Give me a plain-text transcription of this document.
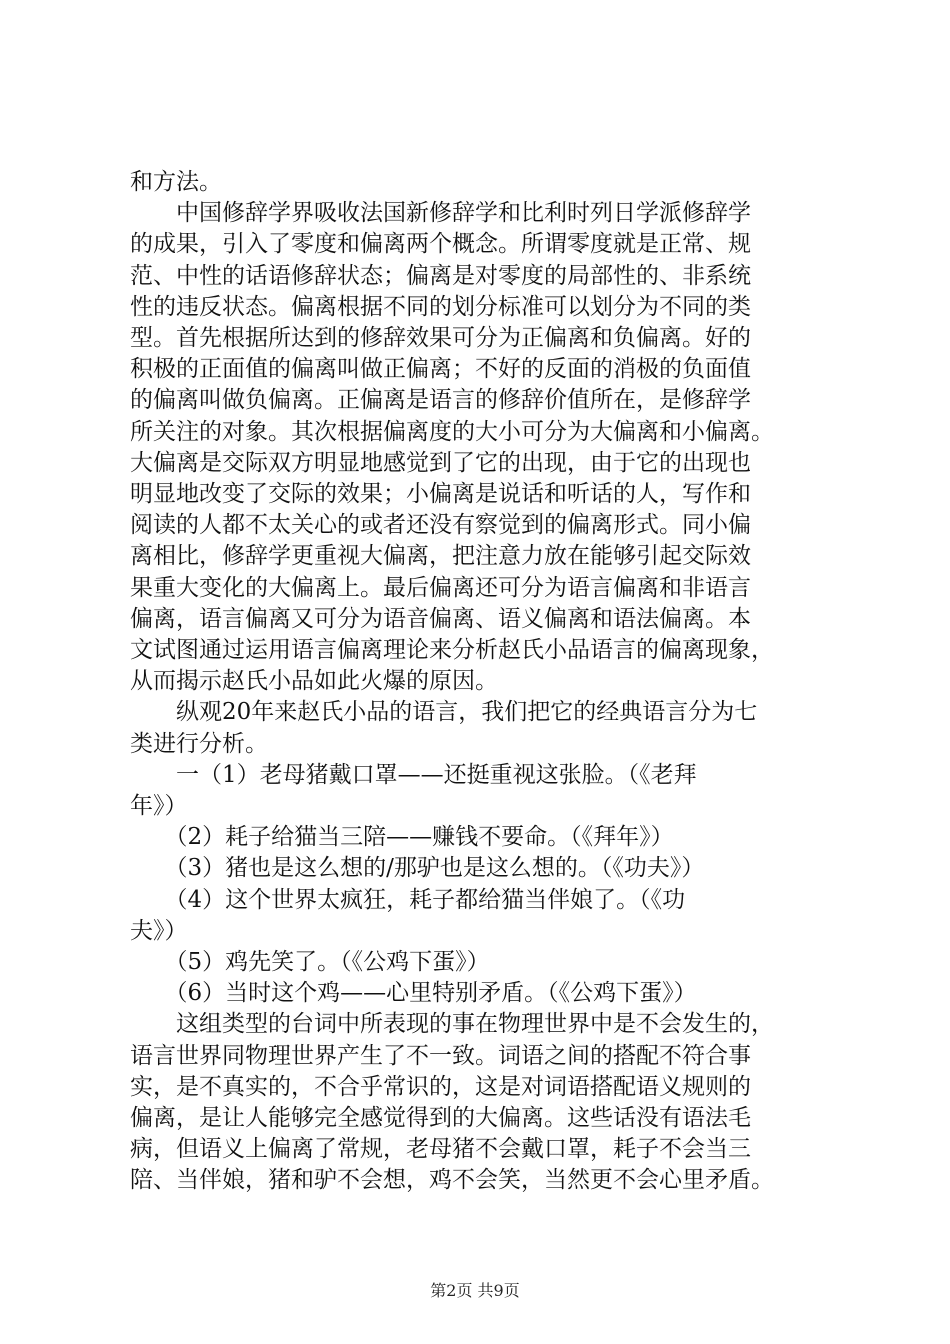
和方法。
　　中国修辞学界吸收法国新修辞学和比利时列日学派修辞学
的成果，引入了零度和偏离两个概念。所谓零度就是正常、规
范、中性的话语修辞状态；偏离是对零度的局部性的、非系统
性的违反状态。偏离根据不同的划分标准可以划分为不同的类
型。首先根据所达到的修辞效果可分为正偏离和负偏离。好的
积极的正面值的偏离叫做正偏离；不好的反面的消极的负面值
的偏离叫做负偏离。正偏离是语言的修辞价值所在，是修辞学
所关注的对象。其次根据偏离度的大小可分为大偏离和小偏离。
大偏离是交际双方明显地感觉到了它的出现，由于它的出现也
明显地改变了交际的效果；小偏离是说话和听话的人，写作和
阅读的人都不太关心的或者还没有察觉到的偏离形式。同小偏
离相比，修辞学更重视大偏离，把注意力放在能够引起交际效
果重大变化的大偏离上。最后偏离还可分为语言偏离和非语言
偏离，语言偏离又可分为语音偏离、语义偏离和语法偏离。本
文试图通过运用语言偏离理论来分析赵氏小品语言的偏离现象，
从而揭示赵氏小品如此火爆的原因。
　　纵观20年来赵氏小品的语言，我们把它的经典语言分为七
类进行分析。
　　一（1）老母猪戴口罩——还挺重视这张脸。（《老拜
年》）
　　（2）耗子给猫当三陪——赚钱不要命。（《拜年》）
　　（3）猪也是这么想的/那驴也是这么想的。（《功夫》）
　　（4）这个世界太疯狂，耗子都给猫当伴娘了。（《功
夫》）
　　（5）鸡先笑了。（《公鸡下蛋》）
　　（6）当时这个鸡——心里特别矛盾。（《公鸡下蛋》）
　　这组类型的台词中所表现的事在物理世界中是不会发生的，
语言世界同物理世界产生了不一致。词语之间的搭配不符合事
实，是不真实的，不合乎常识的，这是对词语搭配语义规则的
偏离，是让人能够完全感觉得到的大偏离。这些话没有语法毛
病，但语义上偏离了常规，老母猪不会戴口罩，耗子不会当三
陪、当伴娘，猪和驴不会想，鸡不会笑，当然更不会心里矛盾。
第2页 共9页
